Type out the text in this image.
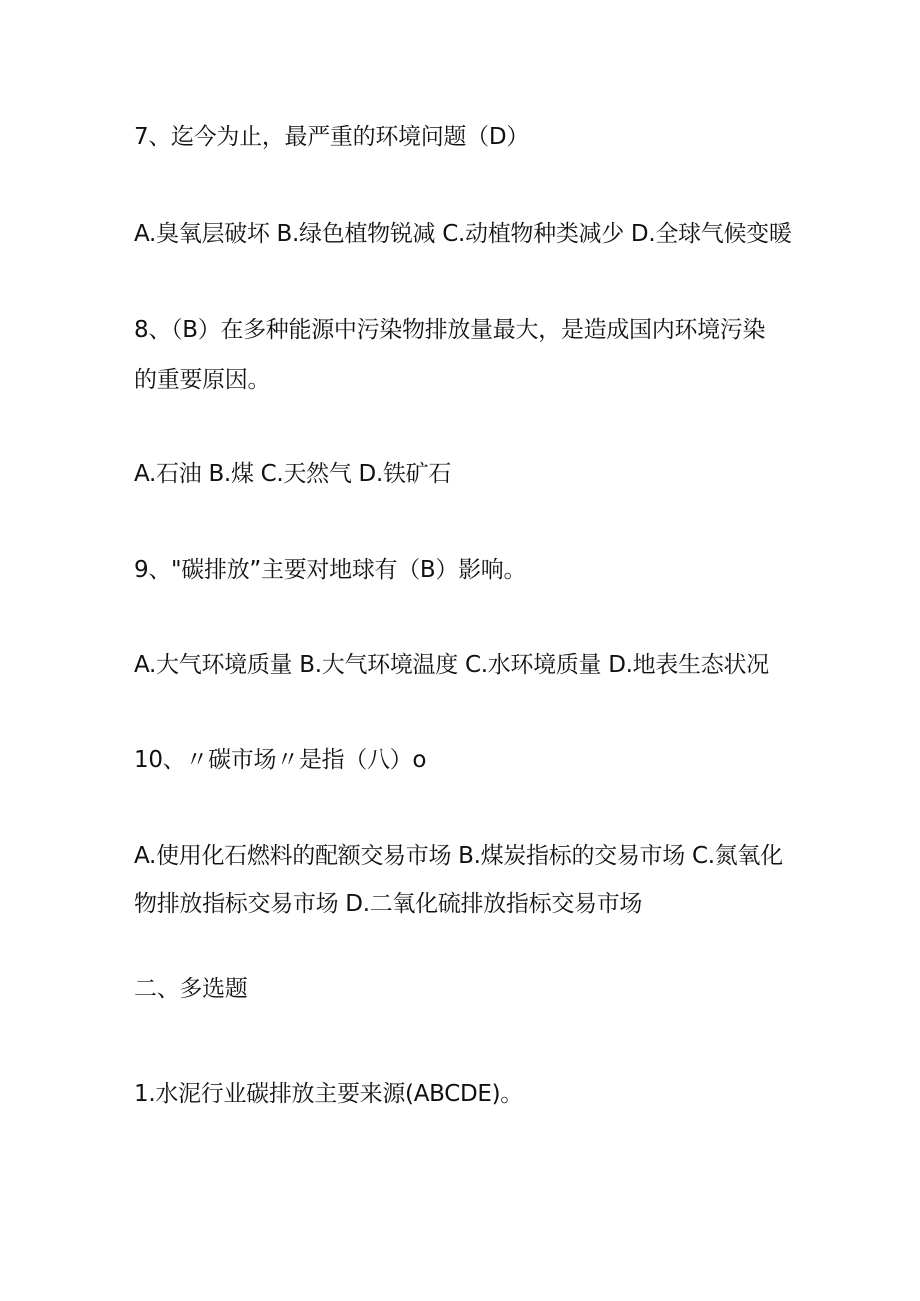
7、迄今为止，最严重的环境问题（D）
A.臭氧层破坏 B.绿色植物锐减 C.动植物种类减少 D.全球气候变暖
8、（B）在多种能源中污染物排放量最大，是造成国内环境污染
的重要原因。
A.石油 B.煤 C.天然气 D.铁矿石
9、"碳排放”主要对地球有（B）影响。
A.大气环境质量 B.大气环境温度 C.水环境质量 D.地表生态状况
10、〃碳市场〃是指（八）o
A.使用化石燃料的配额交易市场 B.煤炭指标的交易市场 C.氮氧化
物排放指标交易市场 D.二氧化硫排放指标交易市场
二、多选题
1.水泥行业碳排放主要来源(ABCDE)。
